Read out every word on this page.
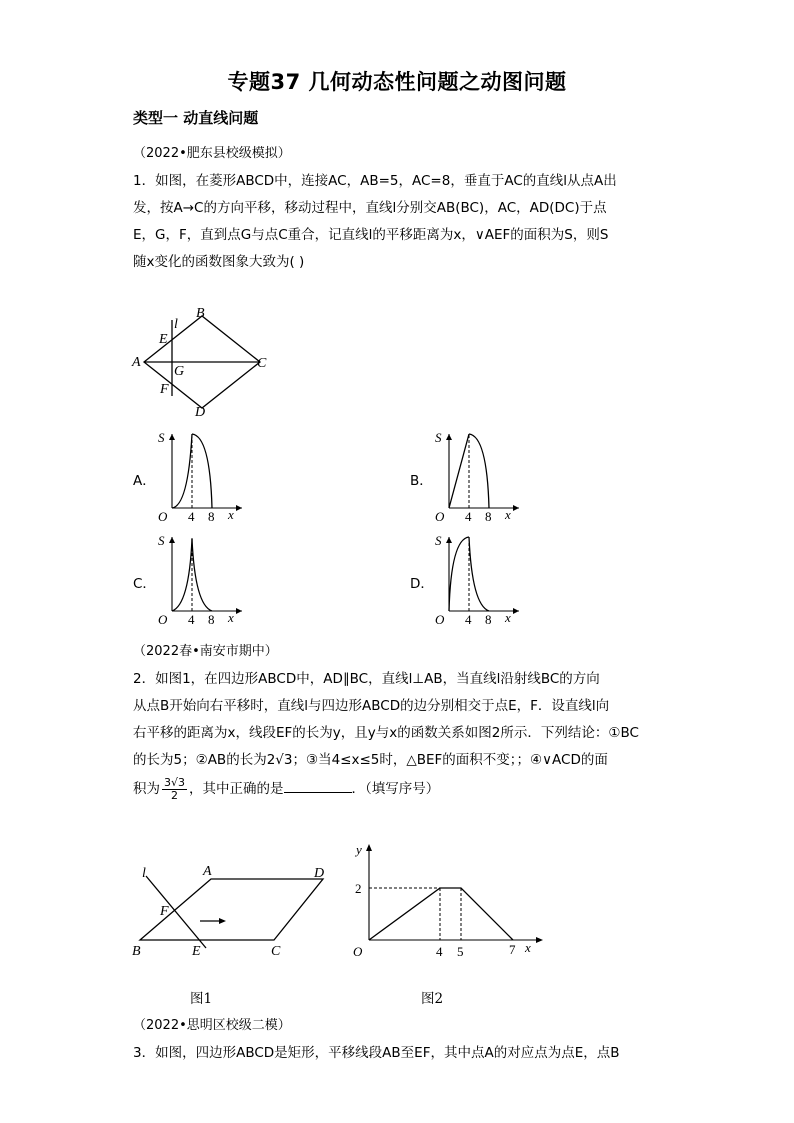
专题37 几何动态性问题之动图问题
类型一 动直线问题
（2022•肥东县校级模拟）
1．如图，在菱形ABCD中，连接AC，AB=5，AC=8，垂直于AC的直线l从点A出
发，按A→C的方向平移，移动过程中，直线l分别交AB(BC)，AC，AD(DC)于点
E，G，F，直到点G与点C重合，记直线l的平移距离为x，∨AEF的面积为S，则S
随x变化的函数图象大致为( )
A
B
C
D
E
F
G
l
A．
S
O 4 8 x
B．
S
O 4 8 x
C．
S
O 4 8 x
D．
S
O 4 8 x
（2022春•南安市期中）
2．如图1，在四边形ABCD中，AD∥BC，直线l⊥AB，当直线l沿射线BC的方向
从点B开始向右平移时，直线l与四边形ABCD的边分别相交于点E，F．设直线l向
右平移的距离为x，线段EF的长为y，且y与x的函数关系如图2所示．下列结论：①BC
的长为5；②AB的长为2√3；③当4≤x≤5时，△BEF的面积不变；；④∨ACD的面
积为 $\frac{3√3}{2}$ ，其中正确的是	．（填写序号）
l	A	D
F
B	E	C
图1
y
2
O	4 5	7 x
图2
（2022•思明区校级二模）
3．如图，四边形ABCD是矩形，平移线段AB至EF，其中点A的对应点为点E，点B
